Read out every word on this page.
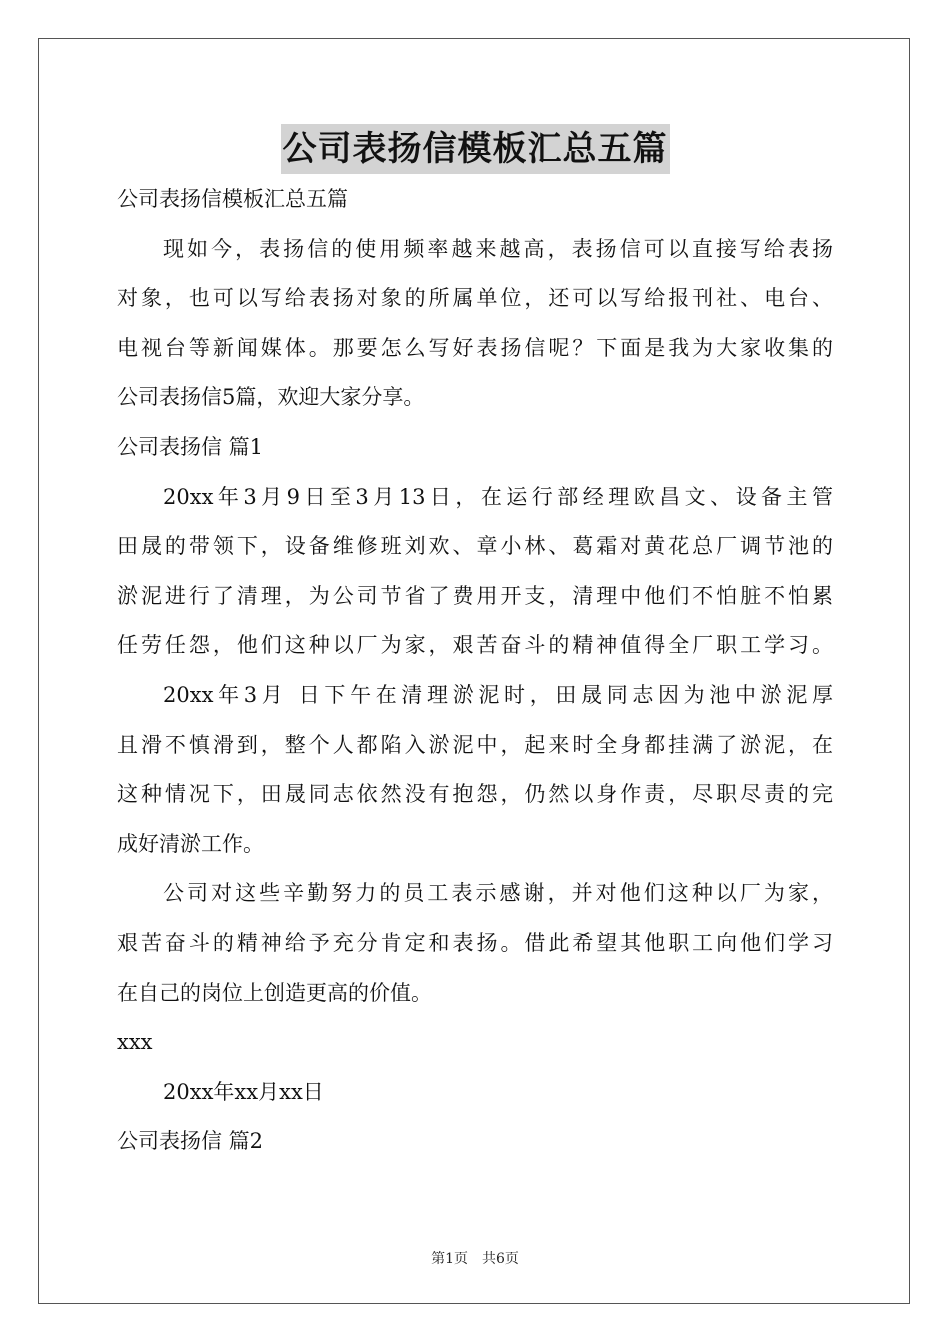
公司表扬信模板汇总五篇
公司表扬信模板汇总五篇
现如今，表扬信的使用频率越来越高，表扬信可以直接写给表扬
对象，也可以写给表扬对象的所属单位，还可以写给报刊社、电台、
电视台等新闻媒体。那要怎么写好表扬信呢？下面是我为大家收集的
公司表扬信5篇，欢迎大家分享。
公司表扬信 篇1
20xx年3月9日至3月13日，在运行部经理欧昌文、设备主管
田晟的带领下，设备维修班刘欢、章小林、葛霜对黄花总厂调节池的
淤泥进行了清理，为公司节省了费用开支，清理中他们不怕脏不怕累
任劳任怨，他们这种以厂为家，艰苦奋斗的精神值得全厂职工学习。
20xx年3月 日下午在清理淤泥时，田晟同志因为池中淤泥厚
且滑不慎滑到，整个人都陷入淤泥中，起来时全身都挂满了淤泥，在
这种情况下，田晟同志依然没有抱怨，仍然以身作责，尽职尽责的完
成好清淤工作。
公司对这些辛勤努力的员工表示感谢，并对他们这种以厂为家，
艰苦奋斗的精神给予充分肯定和表扬。借此希望其他职工向他们学习
在自己的岗位上创造更高的价值。
xxx
20xx年xx月xx日
公司表扬信 篇2
第1页 共6页
